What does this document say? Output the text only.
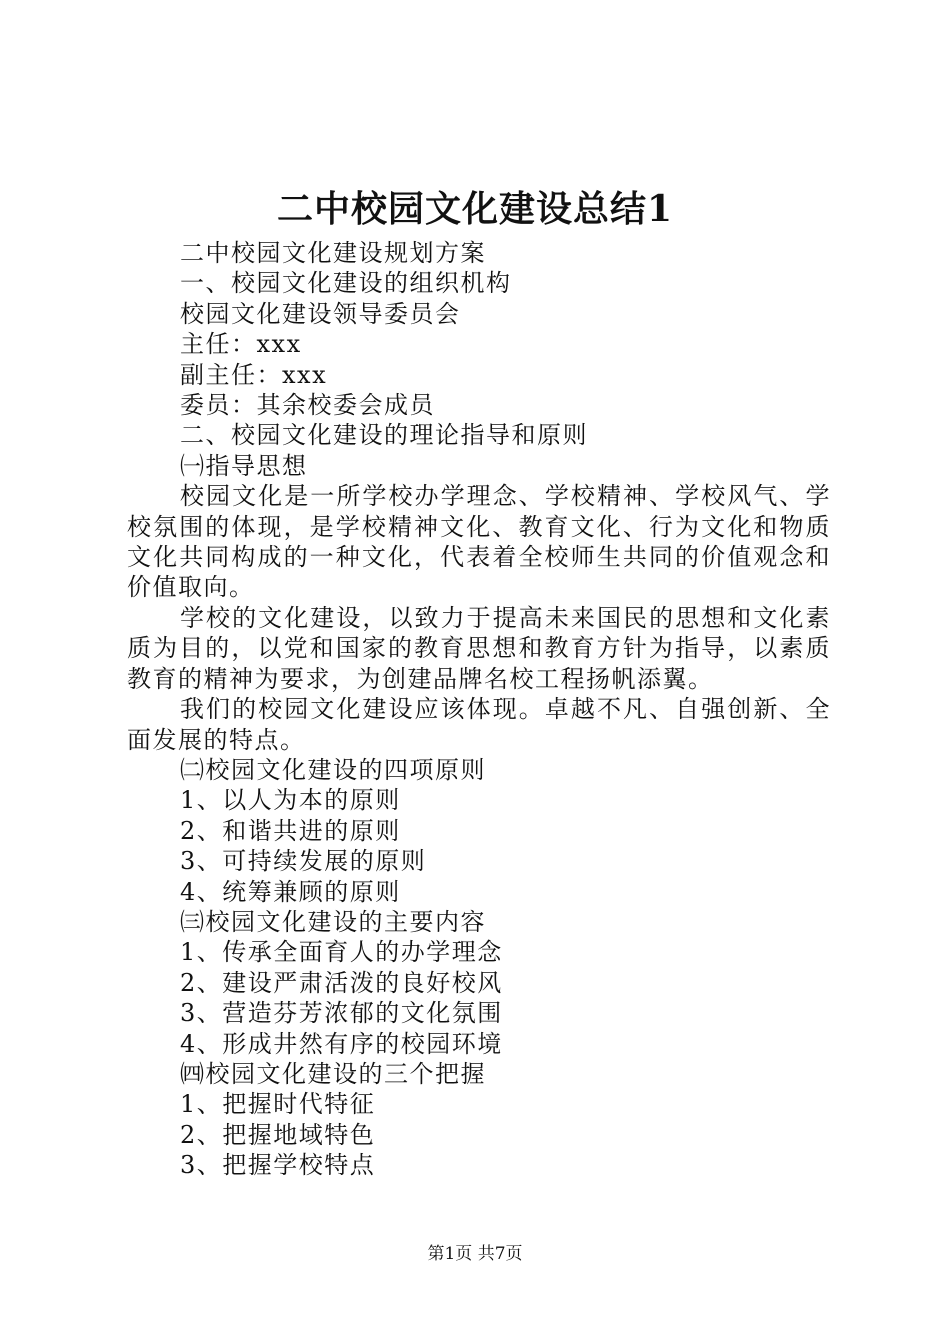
二中校园文化建设总结1

二中校园文化建设规划方案

一、校园文化建设的组织机构

校园文化建设领导委员会

主任：xxx

副主任：xxx

委员：其余校委会成员

二、校园文化建设的理论指导和原则

㈠指导思想

校园文化是一所学校办学理念、学校精神、学校风气、学校氛围的体现，是学校精神文化、教育文化、行为文化和物质文化共同构成的一种文化，代表着全校师生共同的价值观念和价值取向。

学校的文化建设，以致力于提高未来国民的思想和文化素质为目的，以党和国家的教育思想和教育方针为指导，以素质教育的精神为要求，为创建品牌名校工程扬帆添翼。

我们的校园文化建设应该体现。卓越不凡、自强创新、全面发展的特点。

㈡校园文化建设的四项原则

1、以人为本的原则

2、和谐共进的原则

3、可持续发展的原则

4、统筹兼顾的原则

㈢校园文化建设的主要内容

1、传承全面育人的办学理念

2、建设严肃活泼的良好校风

3、营造芬芳浓郁的文化氛围

4、形成井然有序的校园环境

㈣校园文化建设的三个把握

1、把握时代特征

2、把握地域特色

3、把握学校特点

第1页 共7页
